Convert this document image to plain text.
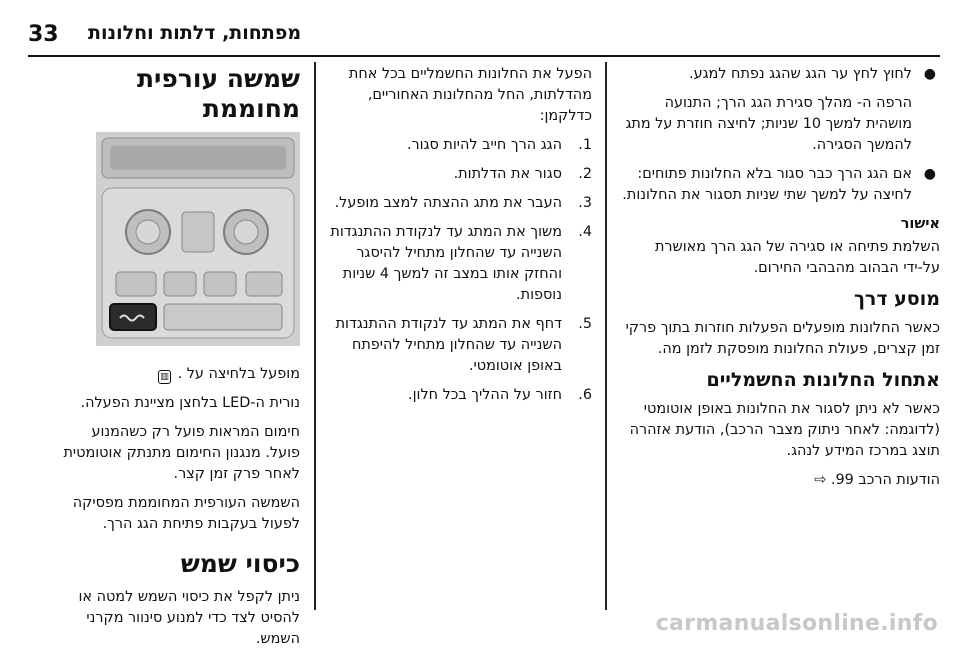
33 מפתחות, דלתות וחלונות
●
לחוץ לחץ ער הגג שהגג נפתח למגע.
הרפה ה- מהלך סגירת הגג הרך; התנועה מושהית למשך 10 שניות; לחיצה חוזרת על מתג להמשך הסגירה.
●
אם הגג הרך כבר סגור בלא החלונות פתוחים: לחיצה על למשך שתי שניות תסגור את החלונות.

אישור

השלמת פתיחה או סגירה של הגג הרך מאושרת על-ידי הבהוב מהבהבי החירום.

מוסע דרך

כאשר החלונות מופעלים הפעלות חוזרות בתוך פרקי זמן קצרים, פעולת החלונות מופסקת לזמן מה.

אתחול החלונות החשמליים

כאשר לא ניתן לסגור את החלונות באופן אוטומטי (לדוגמה: לאחר ניתוק מצבר הרכב), הודעת אזהרה תוצג במרכז המידע לנהג.

הודעות הרכב 99. ⇨

הפעל את החלונות החשמליים בכל אחת מהדלתות, החל מהחלונות האחוריים, כדלקמן:

1.
הגג הרך חייב להיות סגור.
2.
סגור את הדלתות.
3.
העבר את מתג ההצתה למצב מופעל.
4.
משוך את המתג עד לנקודת ההתנגדות השנייה עד שהחלון מתחיל להיסגר והחזק אותו במצב זה למשך 4 שניות נוספות.
5.
דחף את המתג עד לנקודת ההתנגדות השנייה עד שהחלון מתחיל להיפתח באופן אוטומטי.
6.
חזור על ההליך בכל חלון.
שמשה עורפית מחוממת

מופעל בלחיצה על . ▥

נורית ה-LED בלחצן מציינת הפעלה.

חימום המראות פועל רק כשהמנוע פועל. מנגנון החימום מתנתק אוטומטית לאחר פרק זמן קצר.

השמשה העורפית המחוממת מפסיקה לפעול בעקבות פתיחת הגג הרך.

כיסוי שמש

ניתן לקפל את כיסוי השמש למטה או להסיט לצד כדי למנוע סינוור מקרני השמש.

carmanualsonline.info
